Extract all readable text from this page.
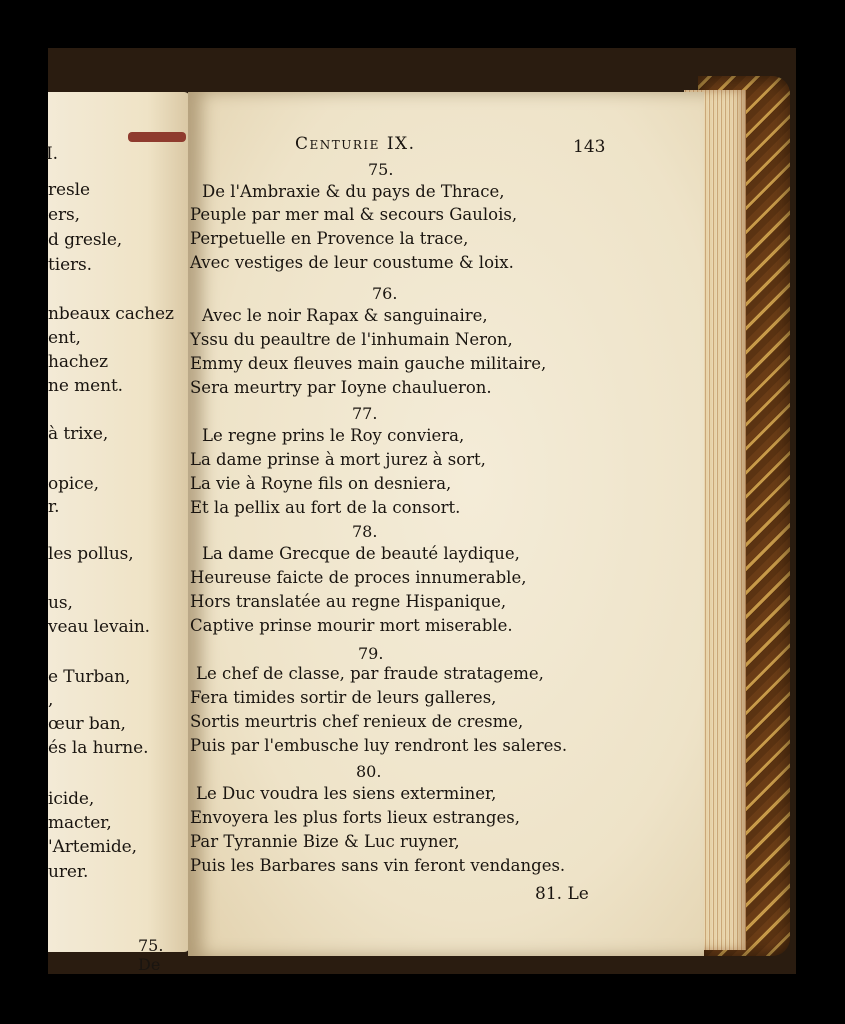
I.
resle
ers,
d gresle,
tiers.
nbeaux cachez
ent,
hachez
ne ment.
à trixe,
opice,
r.
les pollus,
us,
veau levain.
e Turban,
,
œur ban,
és la hurne.
icide,
macter,
'Artemide,
urer.
75. De
Centurie IX.	143

75.

De l'Ambraxie & du pays de Thrace,

Peuple par mer mal & secours Gaulois,

Perpetuelle en Provence la trace,

Avec vestiges de leur coustume & loix.

76.

Avec le noir Rapax & sanguinaire,

Yssu du peaultre de l'inhumain Neron,

Emmy deux fleuves main gauche militaire,

Sera meurtry par Ioyne chaulueron.

77.

Le regne prins le Roy conviera,

La dame prinse à mort jurez à sort,

La vie à Royne fils on desniera,

Et la pellix au fort de la consort.

78.

La dame Grecque de beauté laydique,

Heureuse faicte de proces innumerable,

Hors translatée au regne Hispanique,

Captive prinse mourir mort miserable.

79.

Le chef de classe, par fraude stratageme,

Fera timides sortir de leurs galleres,

Sortis meurtris chef renieux de cresme,

Puis par l'embusche luy rendront les saleres.

80.

Le Duc voudra les siens exterminer,

Envoyera les plus forts lieux estranges,

Par Tyrannie Bize & Luc ruyner,

Puis les Barbares sans vin feront vendanges.

81. Le
